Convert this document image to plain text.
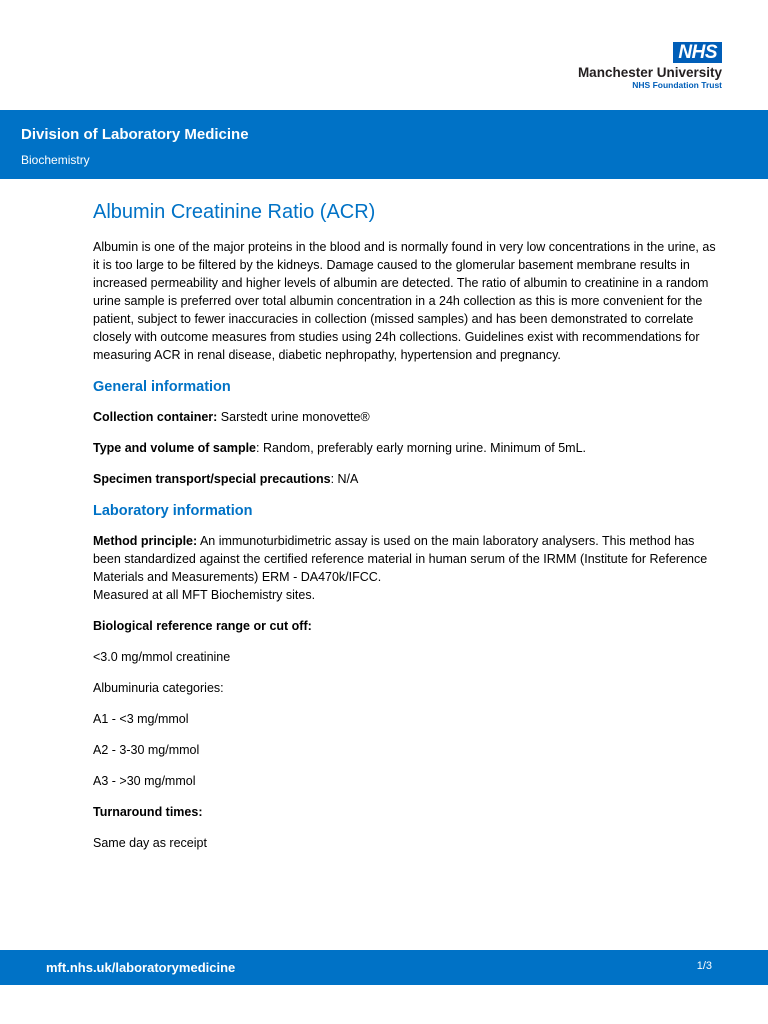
NHS
Manchester University
NHS Foundation Trust
Division of Laboratory Medicine
Biochemistry
Albumin Creatinine Ratio (ACR)

Albumin is one of the major proteins in the blood and is normally found in very low concentrations in the urine, as it is too large to be filtered by the kidneys. Damage caused to the glomerular basement membrane results in increased permeability and higher levels of albumin are detected. The ratio of albumin to creatinine in a random urine sample is preferred over total albumin concentration in a 24h collection as this is more convenient for the patient, subject to fewer inaccuracies in collection (missed samples) and has been demonstrated to correlate closely with outcome measures from studies using 24h collections. Guidelines exist with recommendations for measuring ACR in renal disease, diabetic nephropathy, hypertension and pregnancy.

General information

Collection container: Sarstedt urine monovette®

Type and volume of sample: Random, preferably early morning urine. Minimum of 5mL.

Specimen transport/special precautions: N/A

Laboratory information

Method principle: An immunoturbidimetric assay is used on the main laboratory analysers. This method has been standardized against the certified reference material in human serum of the IRMM (Institute for Reference Materials and Measurements) ERM ‐ DA470k/IFCC.

Measured at all MFT Biochemistry sites.

Biological reference range or cut off:

<3.0 mg/mmol creatinine

Albuminuria categories:

A1 - <3 mg/mmol

A2 - 3-30 mg/mmol

A3 - >30 mg/mmol

Turnaround times:

Same day as receipt

mft.nhs.uk/laboratorymedicine	1/3
